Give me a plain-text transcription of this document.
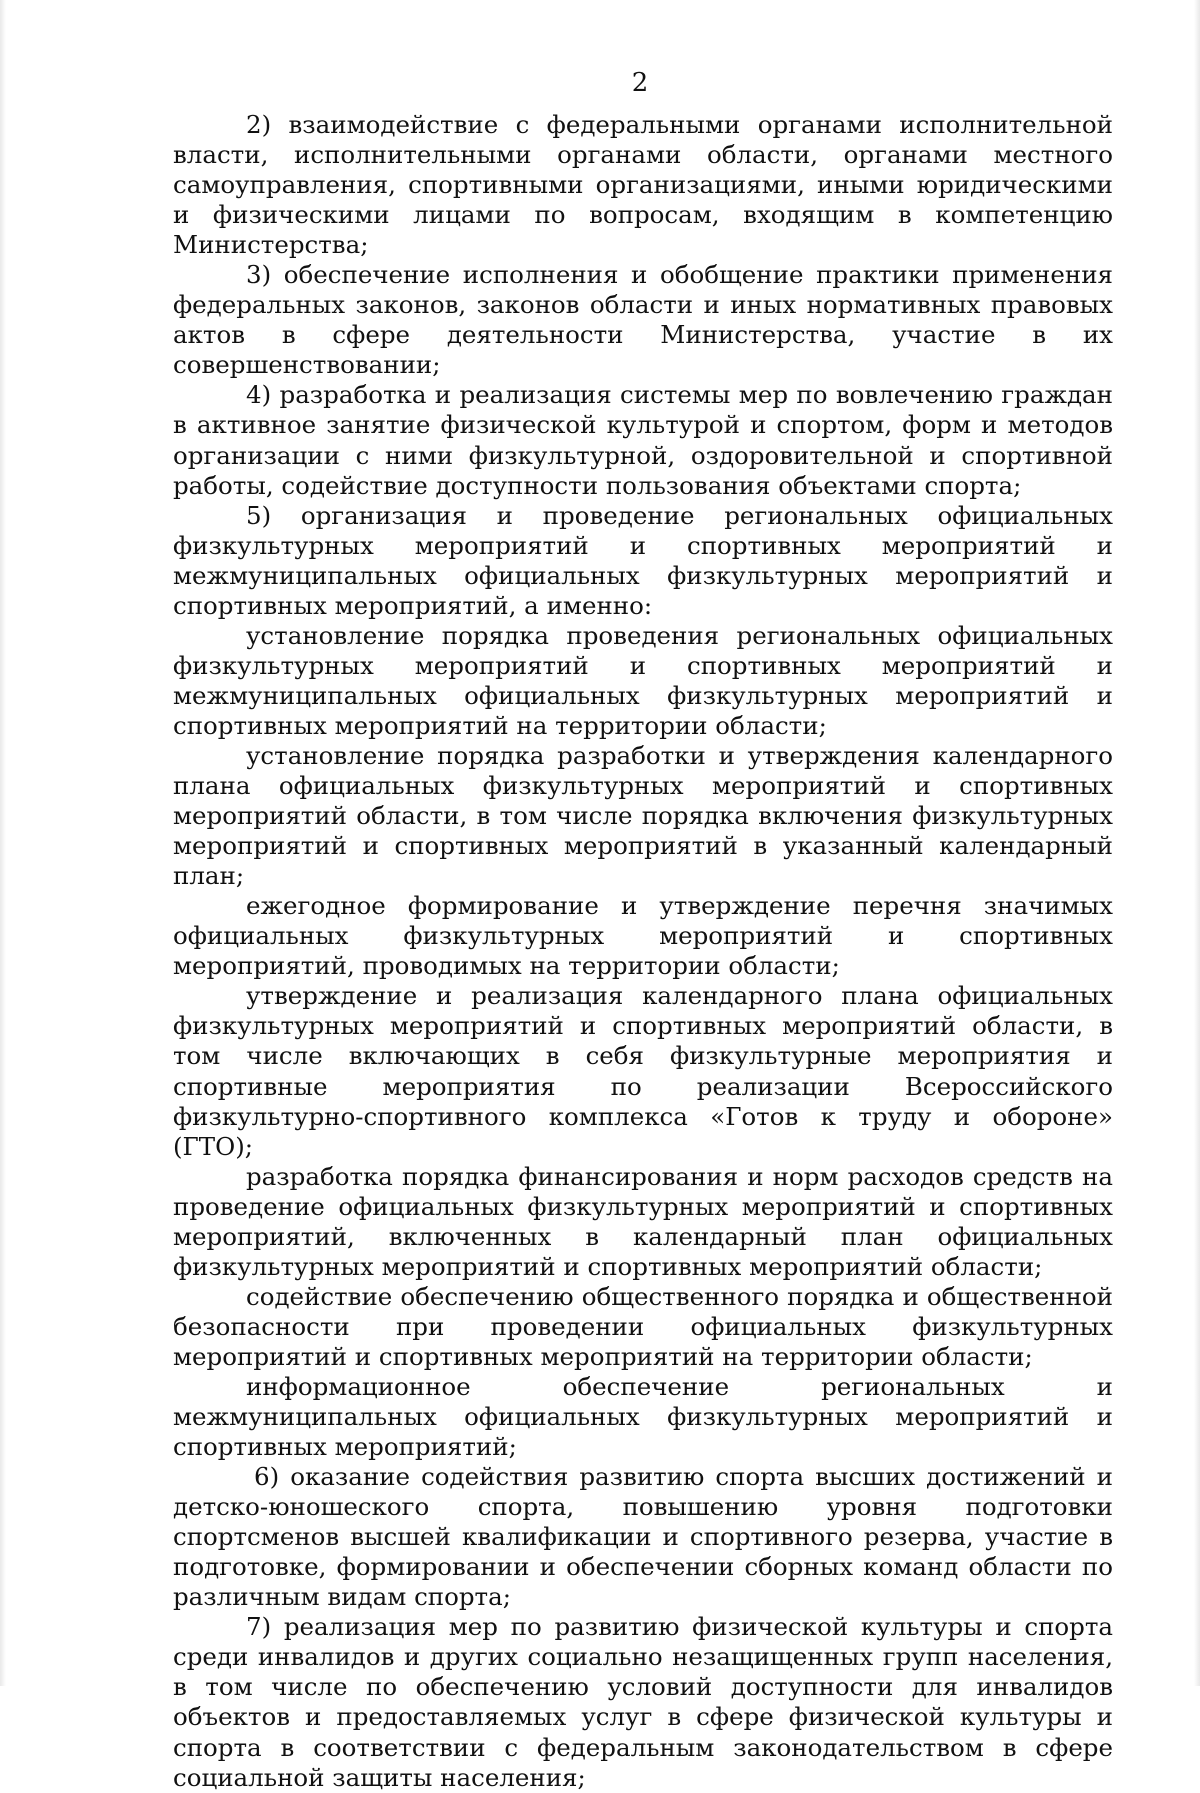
2

2) взаимодействие с федеральными органами исполнительной власти, исполнительными органами области, органами местного самоуправления, спортивными организациями, иными юридическими и физическими лицами по вопросам, входящим в компетенцию Министерства;

3) обеспечение исполнения и обобщение практики применения федеральных законов, законов области и иных нормативных правовых актов в сфере деятельности Министерства, участие в их совершенствовании;

4) разработка и реализация системы мер по вовлечению граждан в активное занятие физической культурой и спортом, форм и методов организации с ними физкультурной, оздоровительной и спортивной работы, содействие доступности пользования объектами спорта;

5) организация и проведение региональных официальных физкультурных мероприятий и спортивных мероприятий и межмуниципальных официальных физкультурных мероприятий и спортивных мероприятий, а именно:

установление порядка проведения региональных официальных физкультурных мероприятий и спортивных мероприятий и межмуниципальных официальных физкультурных мероприятий и спортивных мероприятий на территории области;

установление порядка разработки и утверждения календарного плана официальных физкультурных мероприятий и спортивных мероприятий области, в том числе порядка включения физкультурных мероприятий и спортивных мероприятий в указанный календарный план;

ежегодное формирование и утверждение перечня значимых официальных физкультурных мероприятий и спортивных мероприятий, проводимых на территории области;

утверждение и реализация календарного плана официальных физкультурных мероприятий и спортивных мероприятий области, в том числе включающих в себя физкультурные мероприятия и спортивные мероприятия по реализации Всероссийского физкультурно-спортивного комплекса «Готов к труду и обороне» (ГТО);

разработка порядка финансирования и норм расходов средств на проведение официальных физкультурных мероприятий и спортивных мероприятий, включенных в календарный план официальных физкультурных мероприятий и спортивных мероприятий области;

содействие обеспечению общественного порядка и общественной безопасности при проведении официальных физкультурных мероприятий и спортивных мероприятий на территории области;

информационное обеспечение региональных и межмуниципальных официальных физкультурных мероприятий и спортивных мероприятий;

6) оказание содействия развитию спорта высших достижений и детско-юношеского спорта, повышению уровня подготовки спортсменов высшей квалификации и спортивного резерва, участие в подготовке, формировании и обеспечении сборных команд области по различным видам спорта;

7) реализация мер по развитию физической культуры и спорта среди инвалидов и других социально незащищенных групп населения, в том числе по обеспечению условий доступности для инвалидов объектов и предоставляемых услуг в сфере физической культуры и спорта в соответствии с федеральным законодательством в сфере социальной защиты населения;
